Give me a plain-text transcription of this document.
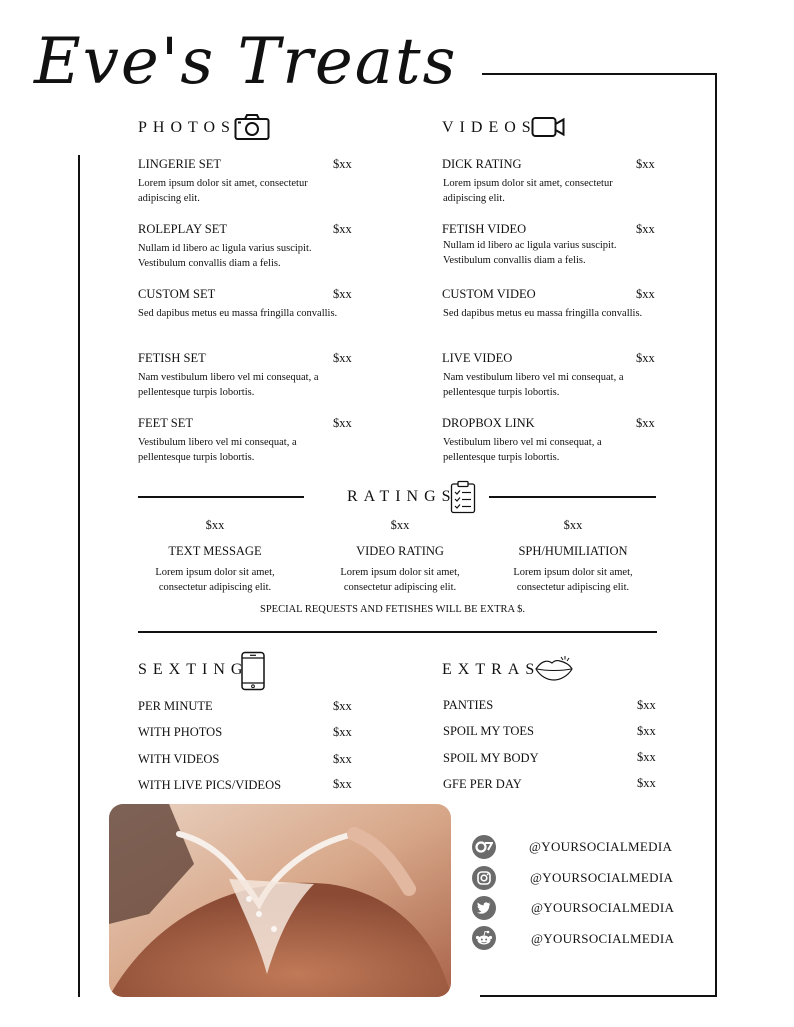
Eve's Treats
PHOTOS	VIDEOS
LINGERIE SET	$xx
Lorem ipsum dolor sit amet, consectetur adipiscing elit.
ROLEPLAY SET	$xx
Nullam id libero ac ligula varius suscipit. Vestibulum convallis diam a felis.
CUSTOM SET	$xx
Sed dapibus metus eu massa fringilla convallis.
FETISH SET	$xx
Nam vestibulum libero vel mi consequat, a pellentesque turpis lobortis.
FEET SET	$xx
Vestibulum libero vel mi consequat, a pellentesque turpis lobortis.
DICK RATING	$xx
Lorem ipsum dolor sit amet, consectetur adipiscing elit.
FETISH VIDEO	$xx
Nullam id libero ac ligula varius suscipit. Vestibulum convallis diam a felis.
CUSTOM VIDEO	$xx
Sed dapibus metus eu massa fringilla convallis.
LIVE VIDEO	$xx
Nam vestibulum libero vel mi consequat, a pellentesque turpis lobortis.
DROPBOX LINK	$xx
Vestibulum libero vel mi consequat, a pellentesque turpis lobortis.
RATINGS
$xx
TEXT MESSAGE
Lorem ipsum dolor sit amet, consectetur adipiscing elit.
$xx
VIDEO RATING
Lorem ipsum dolor sit amet, consectetur adipiscing elit.
$xx
SPH/HUMILIATION
Lorem ipsum dolor sit amet, consectetur adipiscing elit.
SPECIAL REQUESTS AND FETISHES WILL BE EXTRA $.
SEXTING
PER MINUTE	$xx
WITH PHOTOS	$xx
WITH VIDEOS	$xx
WITH LIVE PICS/VIDEOS	$xx
EXTRAS
PANTIES	$xx
SPOIL MY TOES	$xx
SPOIL MY BODY	$xx
GFE PER DAY	$xx
@YOURSOCIALMEDIA
@YOURSOCIALMEDIA
@YOURSOCIALMEDIA
@YOURSOCIALMEDIA
